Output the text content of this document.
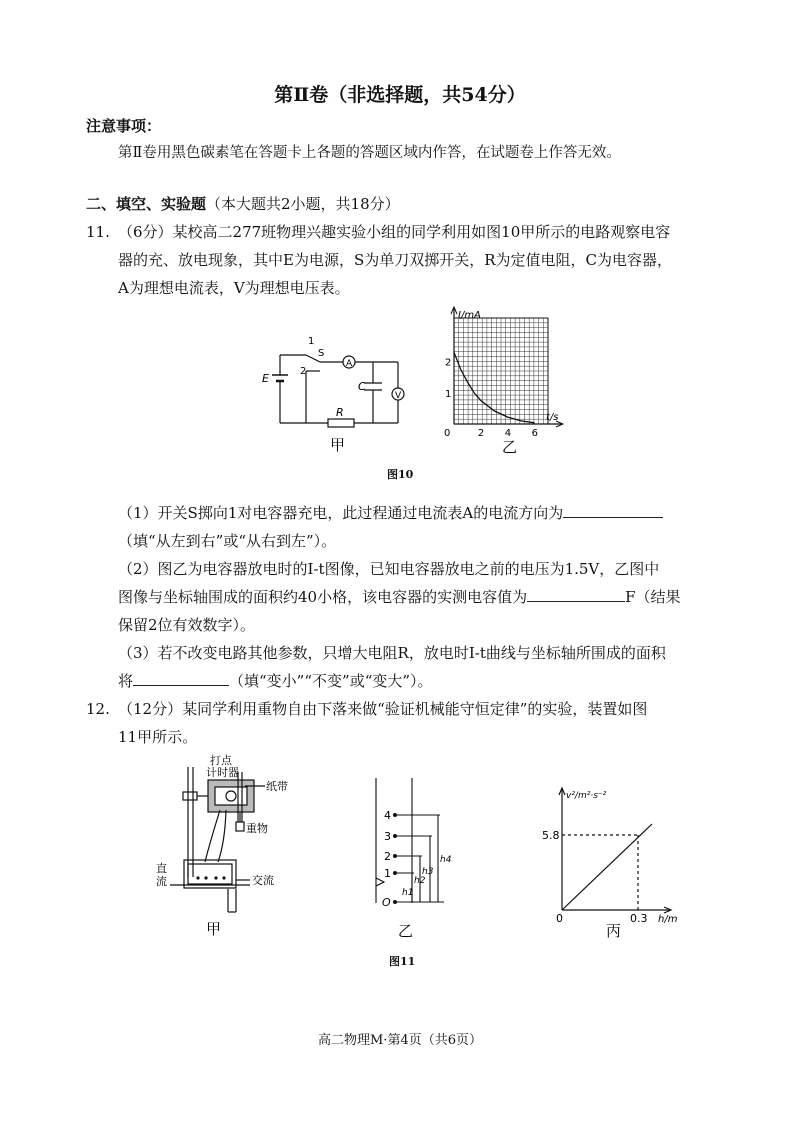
第Ⅱ卷（非选择题，共54分）
注意事项：
第Ⅱ卷用黑色碳素笔在答题卡上各题的答题区域内作答，在试题卷上作答无效。
二、填空、实验题（本大题共2小题，共18分）
11. （6分）某校高二277班物理兴趣实验小组的同学利用如图10甲所示的电路观察电容
器的充、放电现象，其中E为电源，S为单刀双掷开关，R为定值电阻，C为电容器，
A为理想电流表，V为理想电压表。
E
1
S
2
A
C
V
R
甲
0	2 4 6
1
2
I/mA
t/s
乙
图10
（1）开关S掷向1对电容器充电，此过程通过电流表A的电流方向为
（填“从左到右”或“从右到左”）。
（2）图乙为电容器放电时的I-t图像，已知电容器放电之前的电压为1.5V，乙图中
图像与坐标轴围成的面积约40小格，该电容器的实测电容值为	F（结果
保留2位有效数字）。
（3）若不改变电路其他参数，只增大电阻R，放电时I-t曲线与坐标轴所围成的面积
将	（填“变小”“不变”或“变大”）。
12. （12分）某同学利用重物自由下落来做“验证机械能守恒定律”的实验，装置如图
11甲所示。
打点
计时器
纸带
重物
直
流	交流
甲
4
3
2
1
O
h4
h3
h2
h1
乙
v²/m²·s⁻²
5.8
0	0.3 h/m
丙
图11
高二物理M·第4页（共6页）
